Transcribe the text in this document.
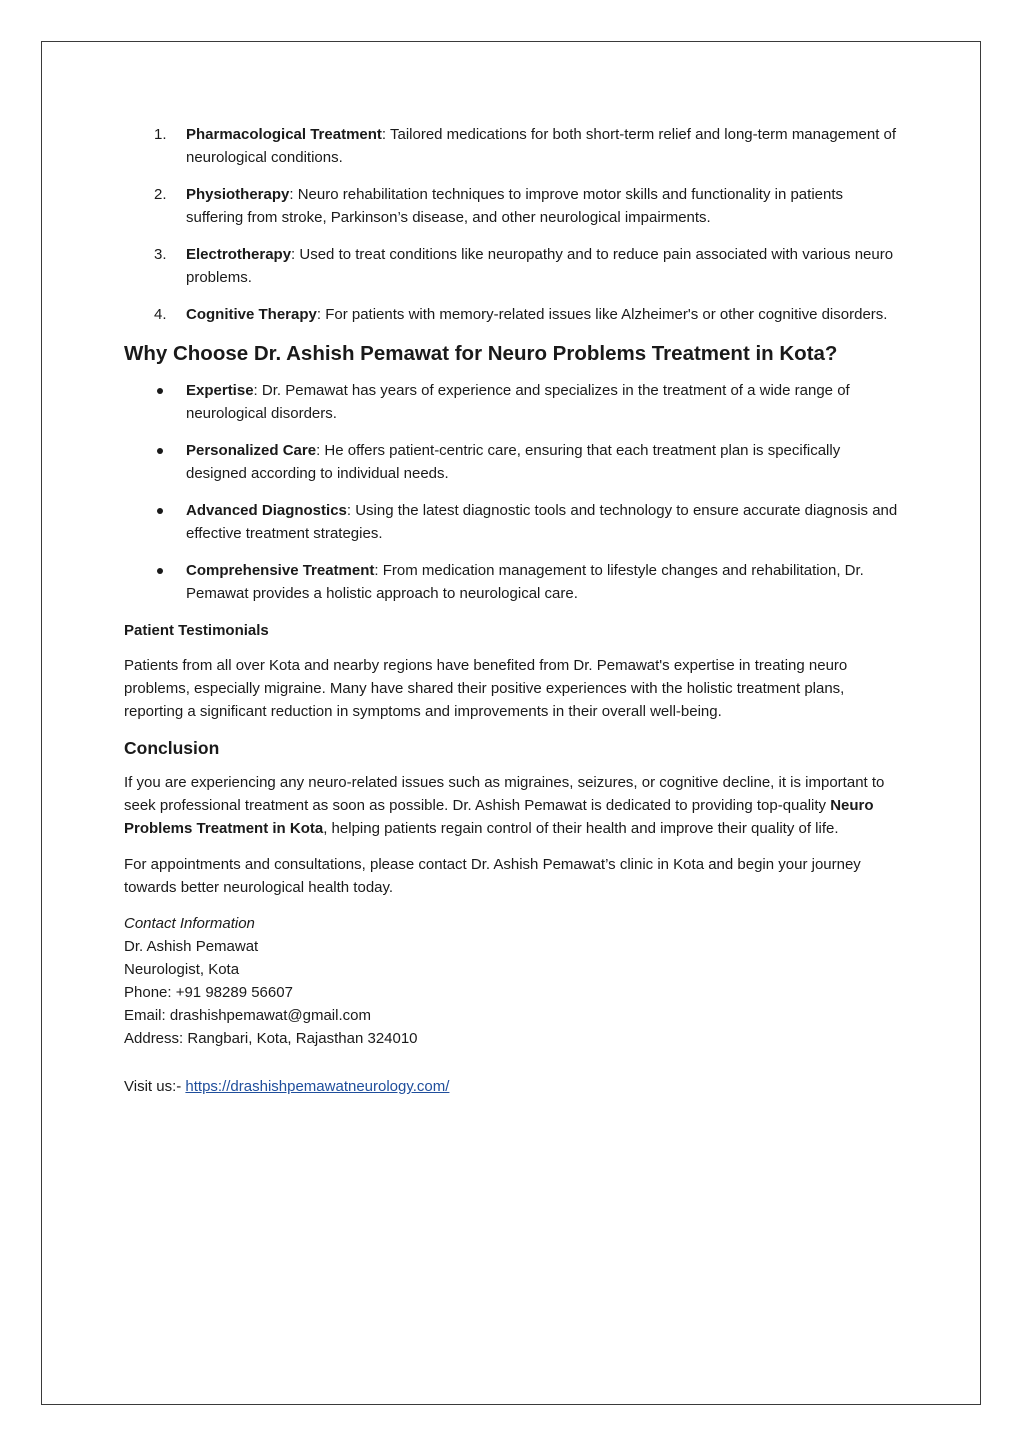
1. Pharmacological Treatment: Tailored medications for both short-term relief and long-term management of neurological conditions.
2. Physiotherapy: Neuro rehabilitation techniques to improve motor skills and functionality in patients suffering from stroke, Parkinson’s disease, and other neurological impairments.
3. Electrotherapy: Used to treat conditions like neuropathy and to reduce pain associated with various neuro problems.
4. Cognitive Therapy: For patients with memory-related issues like Alzheimer's or other cognitive disorders.
Why Choose Dr. Ashish Pemawat for Neuro Problems Treatment in Kota?
Expertise: Dr. Pemawat has years of experience and specializes in the treatment of a wide range of neurological disorders.
Personalized Care: He offers patient-centric care, ensuring that each treatment plan is specifically designed according to individual needs.
Advanced Diagnostics: Using the latest diagnostic tools and technology to ensure accurate diagnosis and effective treatment strategies.
Comprehensive Treatment: From medication management to lifestyle changes and rehabilitation, Dr. Pemawat provides a holistic approach to neurological care.
Patient Testimonials

Patients from all over Kota and nearby regions have benefited from Dr. Pemawat's expertise in treating neuro problems, especially migraine. Many have shared their positive experiences with the holistic treatment plans, reporting a significant reduction in symptoms and improvements in their overall well-being.

Conclusion

If you are experiencing any neuro-related issues such as migraines, seizures, or cognitive decline, it is important to seek professional treatment as soon as possible. Dr. Ashish Pemawat is dedicated to providing top-quality Neuro Problems Treatment in Kota, helping patients regain control of their health and improve their quality of life.

For appointments and consultations, please contact Dr. Ashish Pemawat’s clinic in Kota and begin your journey towards better neurological health today.

Contact Information
Dr. Ashish Pemawat
Neurologist, Kota
Phone: +91 98289 56607
Email: drashishpemawat@gmail.com
Address: Rangbari, Kota, Rajasthan 324010
Visit us:- https://drashishpemawatneurology.com/
